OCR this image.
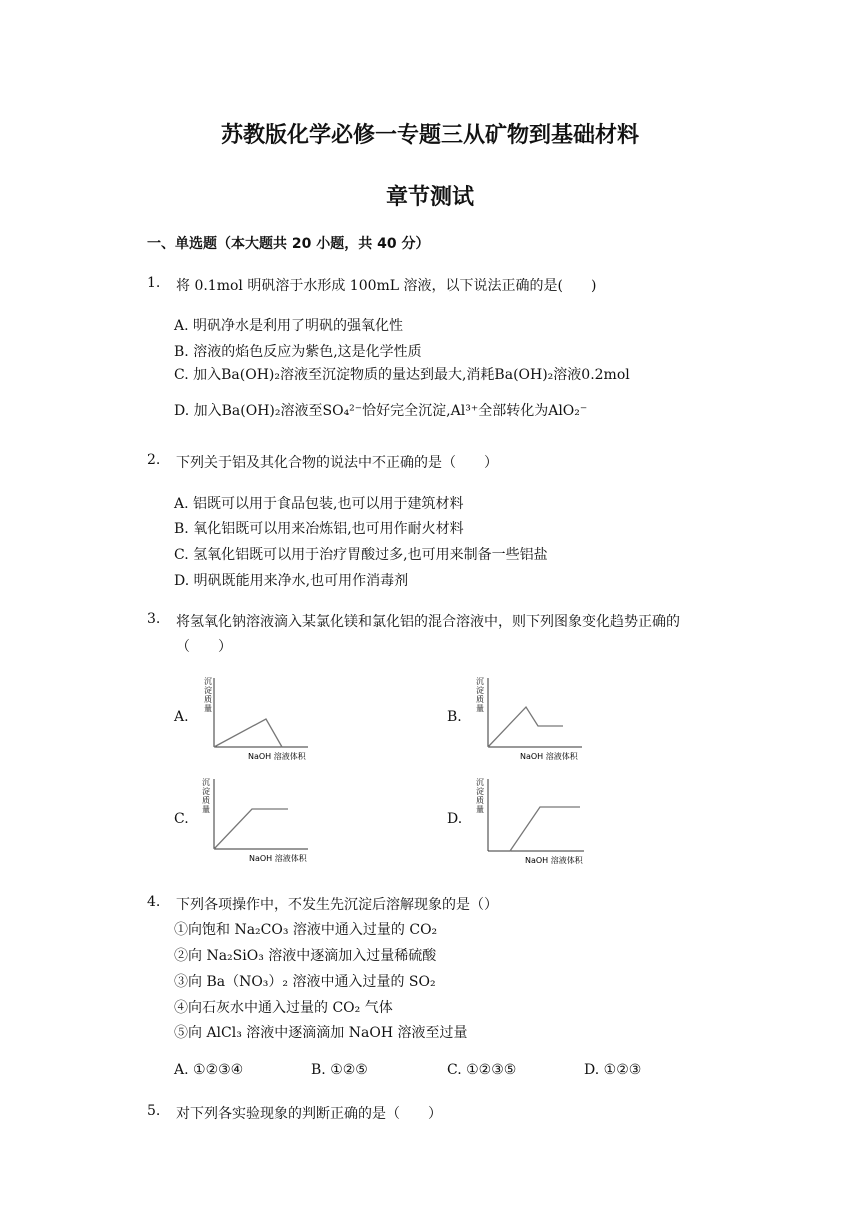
苏教版化学必修一专题三从矿物到基础材料
章节测试
一、单选题（本大题共 20 小题，共 40 分）
1. 将 0.1mol 明矾溶于水形成 100mL 溶液，以下说法正确的是(　　)
A. 明矾净水是利用了明矾的强氧化性
B. 溶液的焰色反应为紫色,这是化学性质
C. 加入Ba(OH)₂溶液至沉淀物质的量达到最大,消耗Ba(OH)₂溶液0.2mol
D. 加入Ba(OH)₂溶液至SO₄²⁻恰好完全沉淀,Al³⁺全部转化为AlO₂⁻
2. 下列关于铝及其化合物的说法中不正确的是（　　）
A. 铝既可以用于食品包装,也可以用于建筑材料
B. 氧化铝既可以用来冶炼铝,也可用作耐火材料
C. 氢氧化铝既可以用于治疗胃酸过多,也可用来制备一些铝盐
D. 明矾既能用来净水,也可用作消毒剂
3. 将氢氧化钠溶液滴入某氯化镁和氯化铝的混合溶液中，则下列图象变化趋势正确的
（　　）
A.
沉淀质量
NaOH 溶液体积
B.
沉淀质量
NaOH 溶液体积
C.
沉淀质量
NaOH 溶液体积
D.
沉淀质量
NaOH 溶液体积
4. 下列各项操作中，不发生先沉淀后溶解现象的是（）
①向饱和 Na₂CO₃ 溶液中通入过量的 CO₂
②向 Na₂SiO₃ 溶液中逐滴加入过量稀硫酸
③向 Ba（NO₃）₂ 溶液中通入过量的 SO₂
④向石灰水中通入过量的 CO₂ 气体
⑤向 AlCl₃ 溶液中逐滴滴加 NaOH 溶液至过量
A. ①②③④	B. ①②⑤	C. ①②③⑤	D. ①②③
5. 对下列各实验现象的判断正确的是（　　）
